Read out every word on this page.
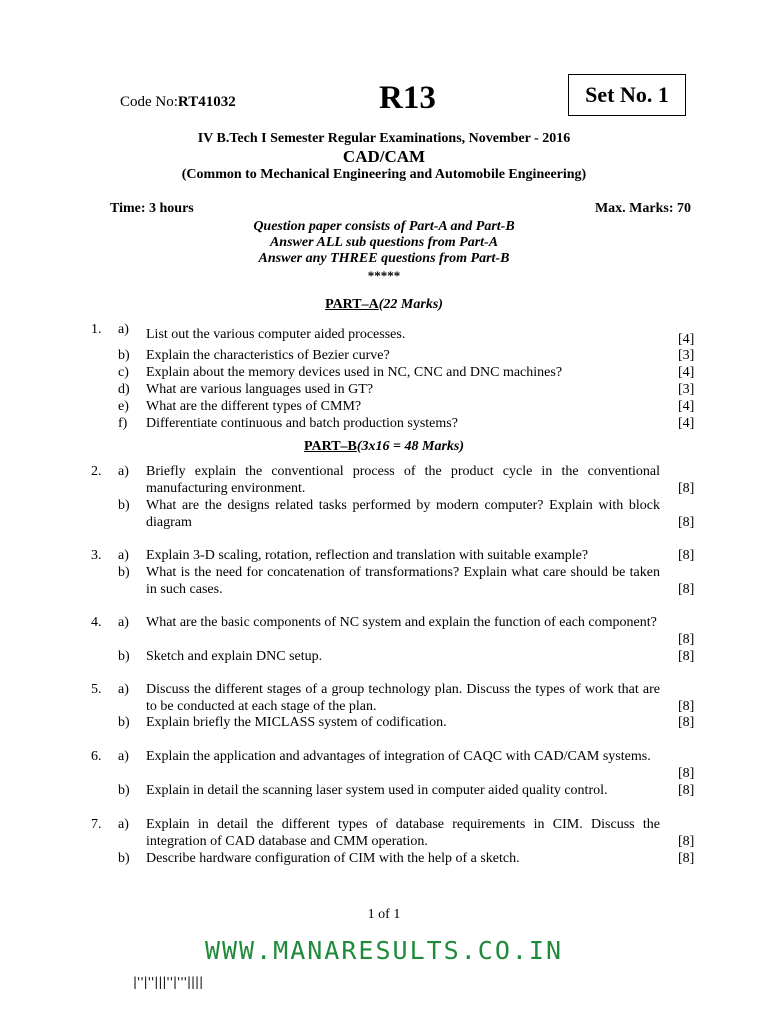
Code No:RT41032	R13	Set No. 1
IV B.Tech I Semester Regular Examinations, November - 2016
CAD/CAM
(Common to Mechanical Engineering and Automobile Engineering)
Time: 3 hours	Max. Marks: 70
Question paper consists of Part-A and Part-B
Answer ALL sub questions from Part-A
Answer any THREE questions from Part-B
*****
PART–A(22 Marks)
1. a) List out the various computer aided processes.	[4]
b) Explain the characteristics of Bezier curve?	[3]
c) Explain about the memory devices used in NC, CNC and DNC machines?	[4]
d) What are various languages used in GT?	[3]
e) What are the different types of CMM?	[4]
f) Differentiate continuous and batch production systems?	[4]
PART–B(3x16 = 48 Marks)
2. a) Briefly explain the conventional process of the product cycle in the conventional manufacturing environment.	[8]
b) What are the designs related tasks performed by modern computer? Explain with block diagram	[8]
3. a) Explain 3-D scaling, rotation, reflection and translation with suitable example?	[8]
b) What is the need for concatenation of transformations? Explain what care should be taken in such cases.	[8]
4. a) What are the basic components of NC system and explain the function of each component?
[8]
b) Sketch and explain DNC setup.	[8]
5. a) Discuss the different stages of a group technology plan. Discuss the types of work that are to be conducted at each stage of the plan.	[8]
b) Explain briefly the MICLASS system of codification.	[8]
6. a) Explain the application and advantages of integration of CAQC with CAD/CAM systems.
[8]
b) Explain in detail the scanning laser system used in computer aided quality control.	[8]
7. a) Explain in detail the different types of database requirements in CIM. Discuss the integration of CAD database and CMM operation.	[8]
b) Describe hardware configuration of CIM with the help of a sketch.	[8]
1 of 1
WWW.MANARESULTS.CO.IN
|''|''|||''|'''||||
